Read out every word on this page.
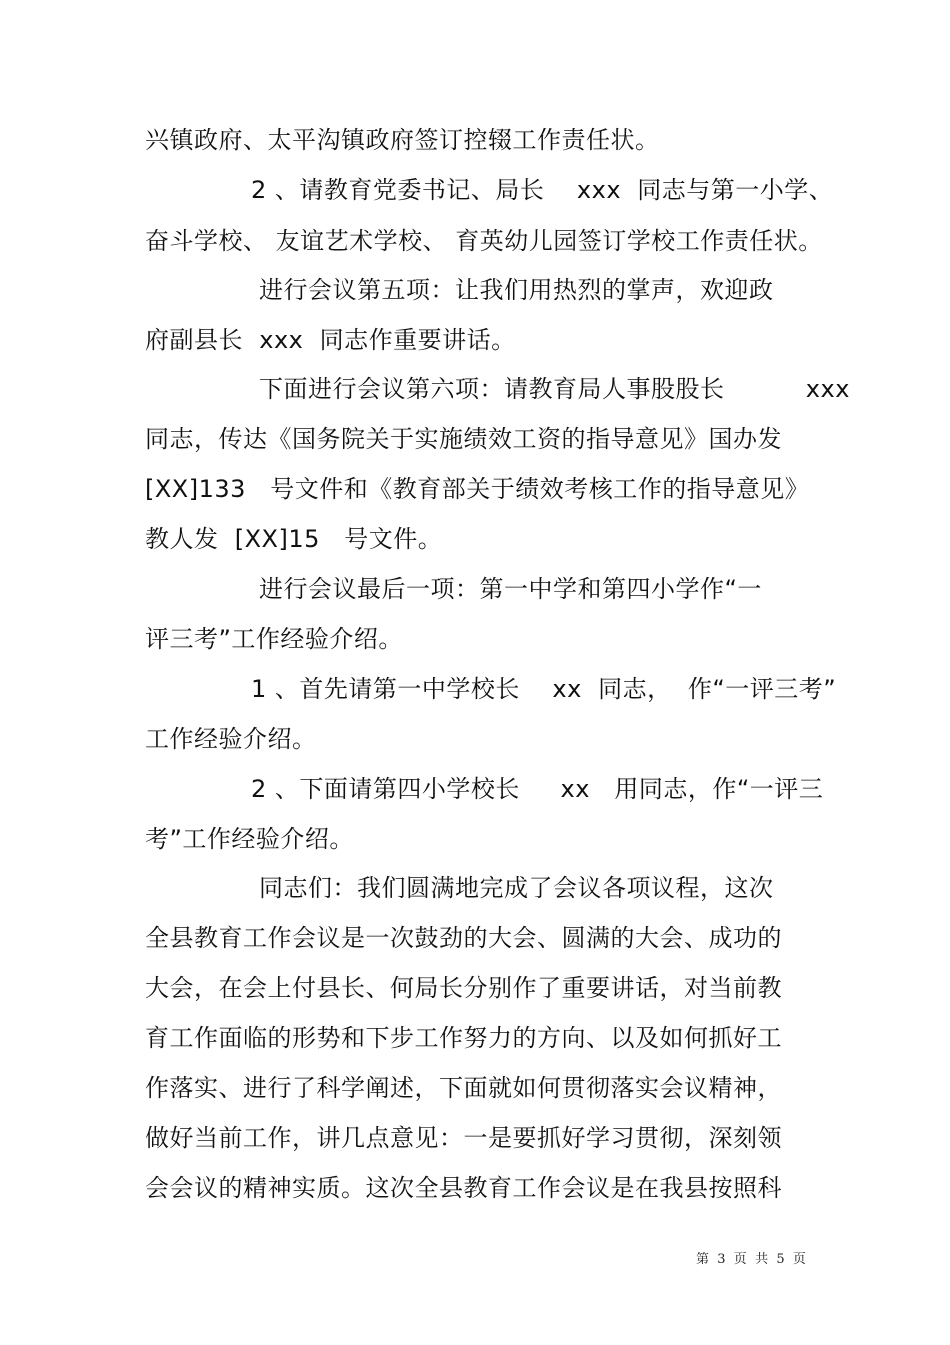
兴镇政府、太平沟镇政府签订控辍工作责任状。
2 、请教育党委书记、局长    xxx  同志与第一小学、
奋斗学校、 友谊艺术学校、 育英幼儿园签订学校工作责任状。
进行会议第五项：让我们用热烈的掌声，欢迎政
府副县长  xxx  同志作重要讲话。
下面进行会议第六项：请教育局人事股股长          xxx
同志，传达《国务院关于实施绩效工资的指导意见》国办发
[XX]133   号文件和《教育部关于绩效考核工作的指导意见》
教人发  [XX]15   号文件。
进行会议最后一项：第一中学和第四小学作“一
评三考”工作经验介绍。
1 、首先请第一中学校长    xx  同志，  作“一评三考”
工作经验介绍。
2 、下面请第四小学校长     xx   用同志，作“一评三
考”工作经验介绍。
同志们：我们圆满地完成了会议各项议程，这次
全县教育工作会议是一次鼓劲的大会、圆满的大会、成功的
大会，在会上付县长、何局长分别作了重要讲话，对当前教
育工作面临的形势和下步工作努力的方向、以及如何抓好工
作落实、进行了科学阐述，下面就如何贯彻落实会议精神，
做好当前工作，讲几点意见：一是要抓好学习贯彻，深刻领
会会议的精神实质。这次全县教育工作会议是在我县按照科
第  3  页  共  5  页
